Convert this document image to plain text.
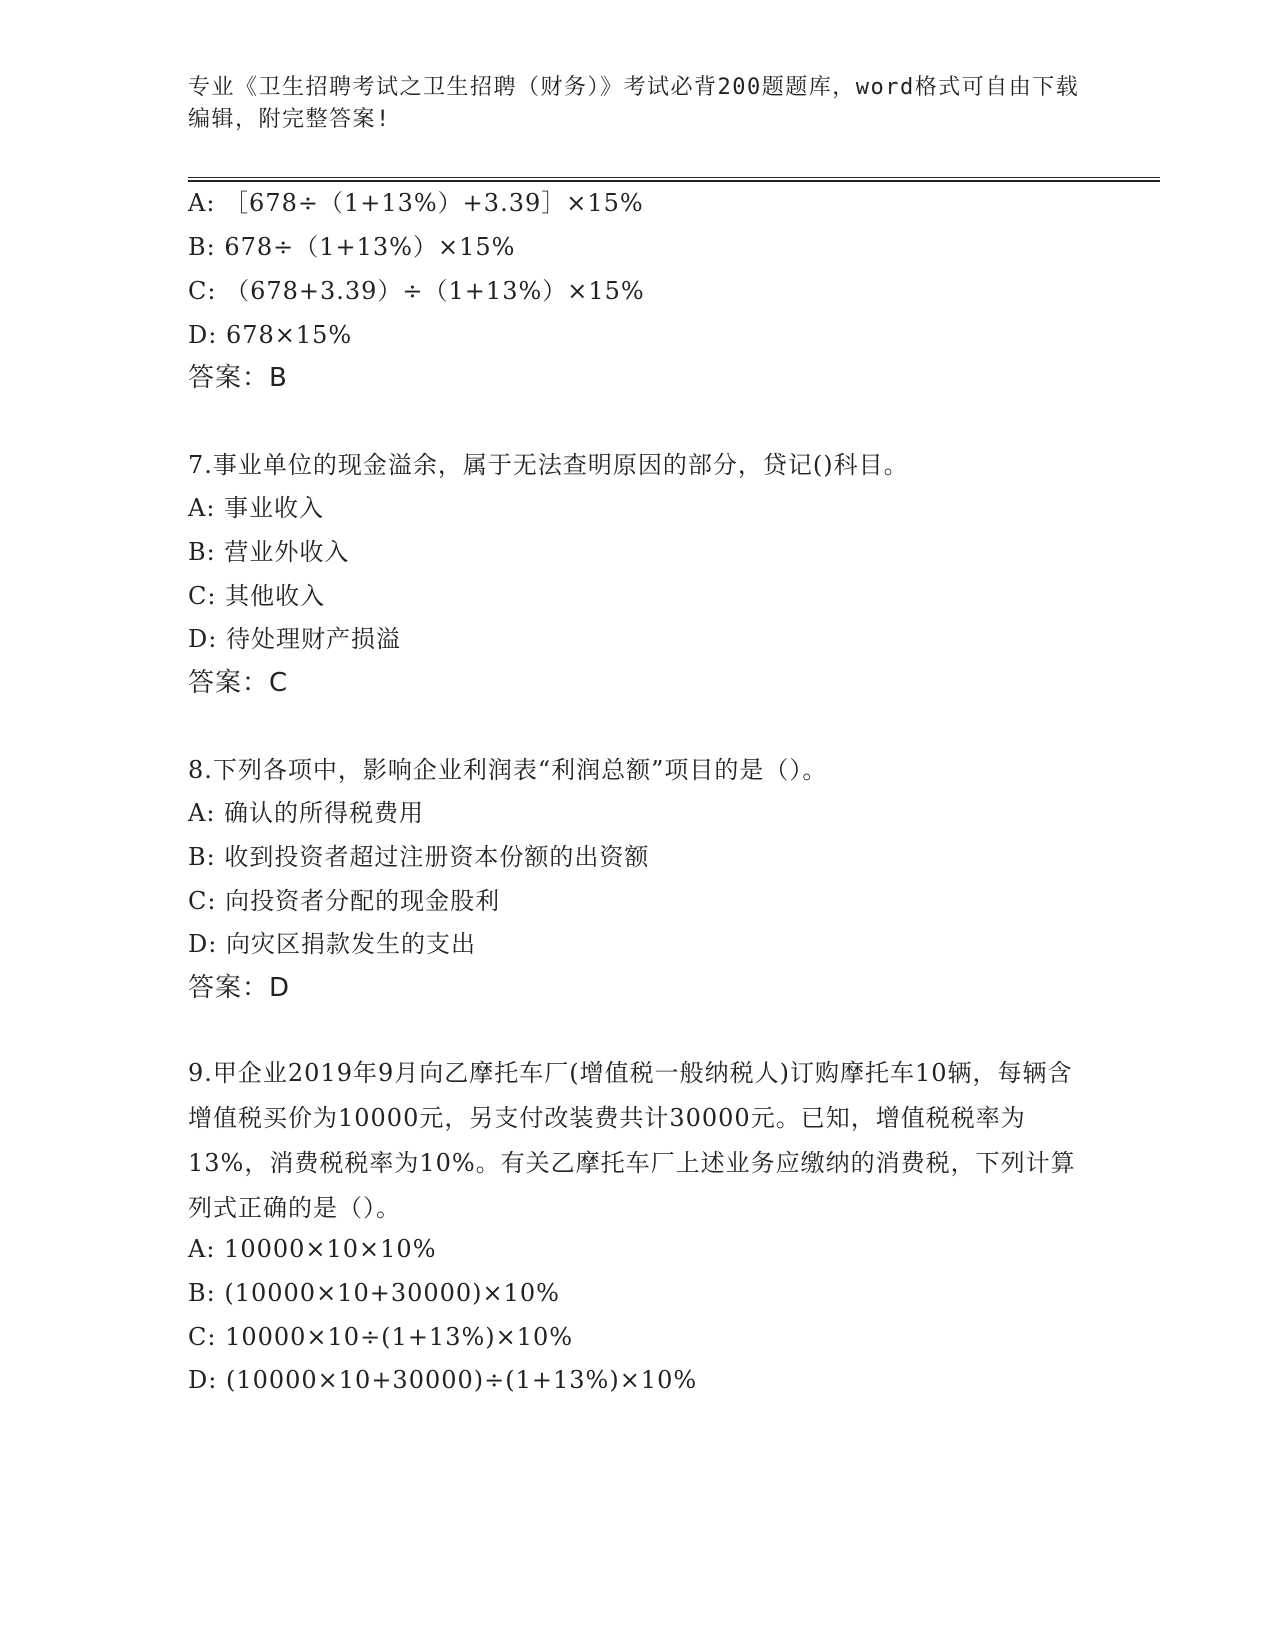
专业《卫生招聘考试之卫生招聘（财务）》考试必背200题题库，word格式可自由下载编辑，附完整答案!
A: ［678÷（1+13%）+3.39］×15%
B: 678÷（1+13%）×15%
C: （678+3.39）÷（1+13%）×15%
D: 678×15%
答案：B
7.事业单位的现金溢余，属于无法查明原因的部分，贷记()科目。
A: 事业收入
B: 营业外收入
C: 其他收入
D: 待处理财产损溢
答案：C
8.下列各项中，影响企业利润表“利润总额”项目的是（）。
A: 确认的所得税费用
B: 收到投资者超过注册资本份额的出资额
C: 向投资者分配的现金股利
D: 向灾区捐款发生的支出
答案：D
9.甲企业2019年9月向乙摩托车厂(增值税一般纳税人)订购摩托车10辆，每辆含增值税买价为10000元，另支付改装费共计30000元。已知，增值税税率为13%，消费税税率为10%。有关乙摩托车厂上述业务应缴纳的消费税，下列计算列式正确的是（）。
A: 10000×10×10%
B: (10000×10+30000)×10%
C: 10000×10÷(1+13%)×10%
D: (10000×10+30000)÷(1+13%)×10%
